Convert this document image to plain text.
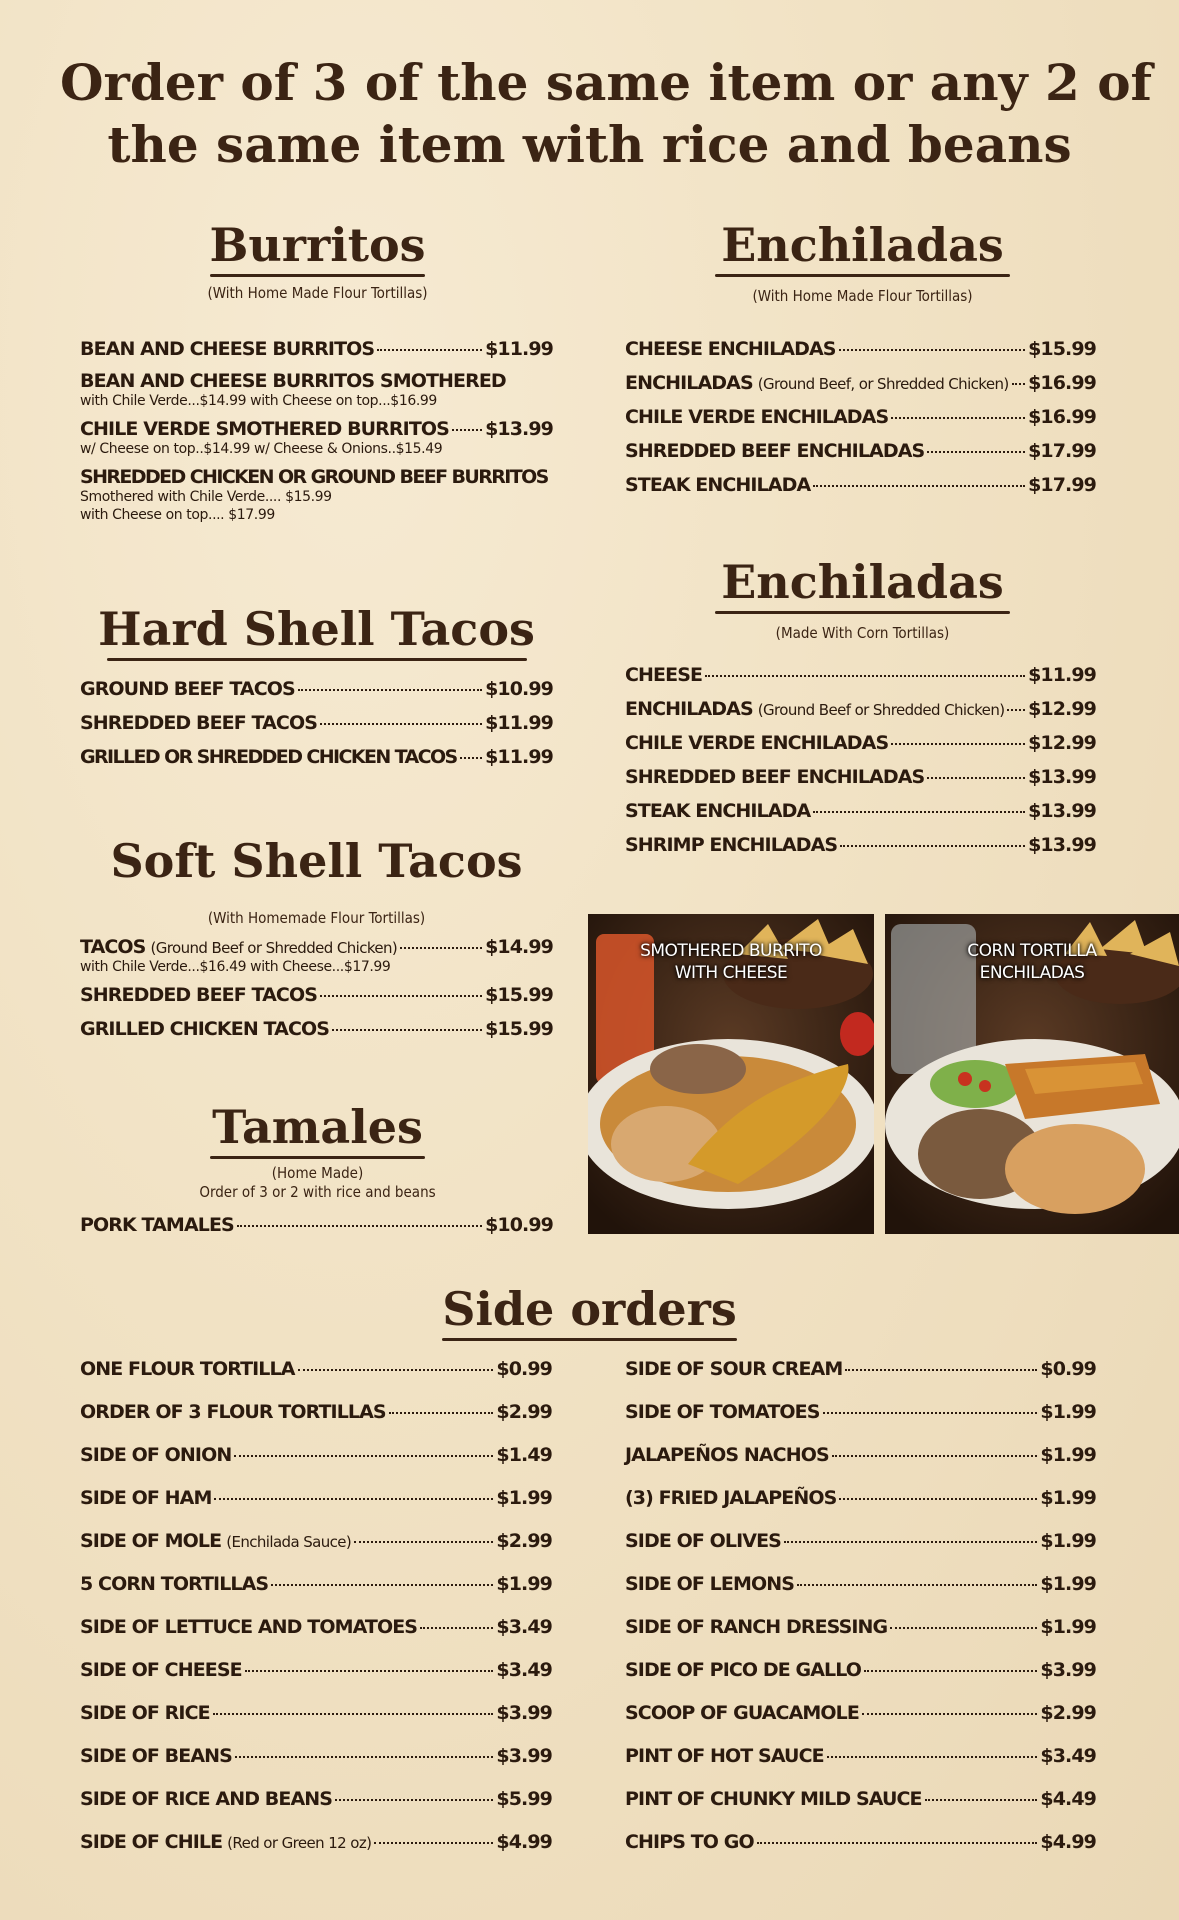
Order of 3 of the same item or any 2 of
the same item with rice and beans
Burritos
(With Home Made Flour Tortillas)
BEAN AND CHEESE BURRITOS	$11.99
BEAN AND CHEESE BURRITOS SMOTHERED
with Chile Verde...$14.99 with Cheese on top...$16.99
CHILE VERDE SMOTHERED BURRITOS $13.99
w/ Cheese on top..$14.99 w/ Cheese & Onions..$15.49
SHREDDED CHICKEN OR GROUND BEEF BURRITOS
Smothered with Chile Verde.... $15.99
with Cheese on top.... $17.99
Enchiladas
(With Home Made Flour Tortillas)
CHEESE ENCHILADAS	$15.99
ENCHILADAS (Ground Beef, or Shredded Chicken) $16.99
CHILE VERDE ENCHILADAS	$16.99
SHREDDED BEEF ENCHILADAS	$17.99
STEAK ENCHILADA	$17.99
Hard Shell Tacos
GROUND BEEF TACOS	$10.99
SHREDDED BEEF TACOS	$11.99
GRILLED OR SHREDDED CHICKEN TACOS $11.99
Enchiladas
(Made With Corn Tortillas)
CHEESE	$11.99
ENCHILADAS (Ground Beef or Shredded Chicken) $12.99
CHILE VERDE ENCHILADAS	$12.99
SHREDDED BEEF ENCHILADAS	$13.99
STEAK ENCHILADA	$13.99
SHRIMP ENCHILADAS	$13.99
Soft Shell Tacos
(With Homemade Flour Tortillas)
TACOS (Ground Beef or Shredded Chicken)	$14.99
with Chile Verde...$16.49 with Cheese...$17.99
SHREDDED BEEF TACOS	$15.99
GRILLED CHICKEN TACOS	$15.99
Tamales
(Home Made)
Order of 3 or 2 with rice and beans
PORK TAMALES	$10.99
SMOTHERED BURRITO
WITH CHEESE
CORN TORTILLA
ENCHILADAS
Side orders
ONE FLOUR TORTILLA	$0.99
ORDER OF 3 FLOUR TORTILLAS	$2.99
SIDE OF ONION	$1.49
SIDE OF HAM	$1.99
SIDE OF MOLE (Enchilada Sauce)	$2.99
5 CORN TORTILLAS	$1.99
SIDE OF LETTUCE AND TOMATOES	$3.49
SIDE OF CHEESE	$3.49
SIDE OF RICE	$3.99
SIDE OF BEANS	$3.99
SIDE OF RICE AND BEANS	$5.99
SIDE OF CHILE (Red or Green 12 oz)	$4.99
SIDE OF SOUR CREAM	$0.99
SIDE OF TOMATOES	$1.99
JALAPEÑOS NACHOS	$1.99
(3) FRIED JALAPEÑOS	$1.99
SIDE OF OLIVES	$1.99
SIDE OF LEMONS	$1.99
SIDE OF RANCH DRESSING	$1.99
SIDE OF PICO DE GALLO	$3.99
SCOOP OF GUACAMOLE	$2.99
PINT OF HOT SAUCE	$3.49
PINT OF CHUNKY MILD SAUCE	$4.49
CHIPS TO GO	$4.99
